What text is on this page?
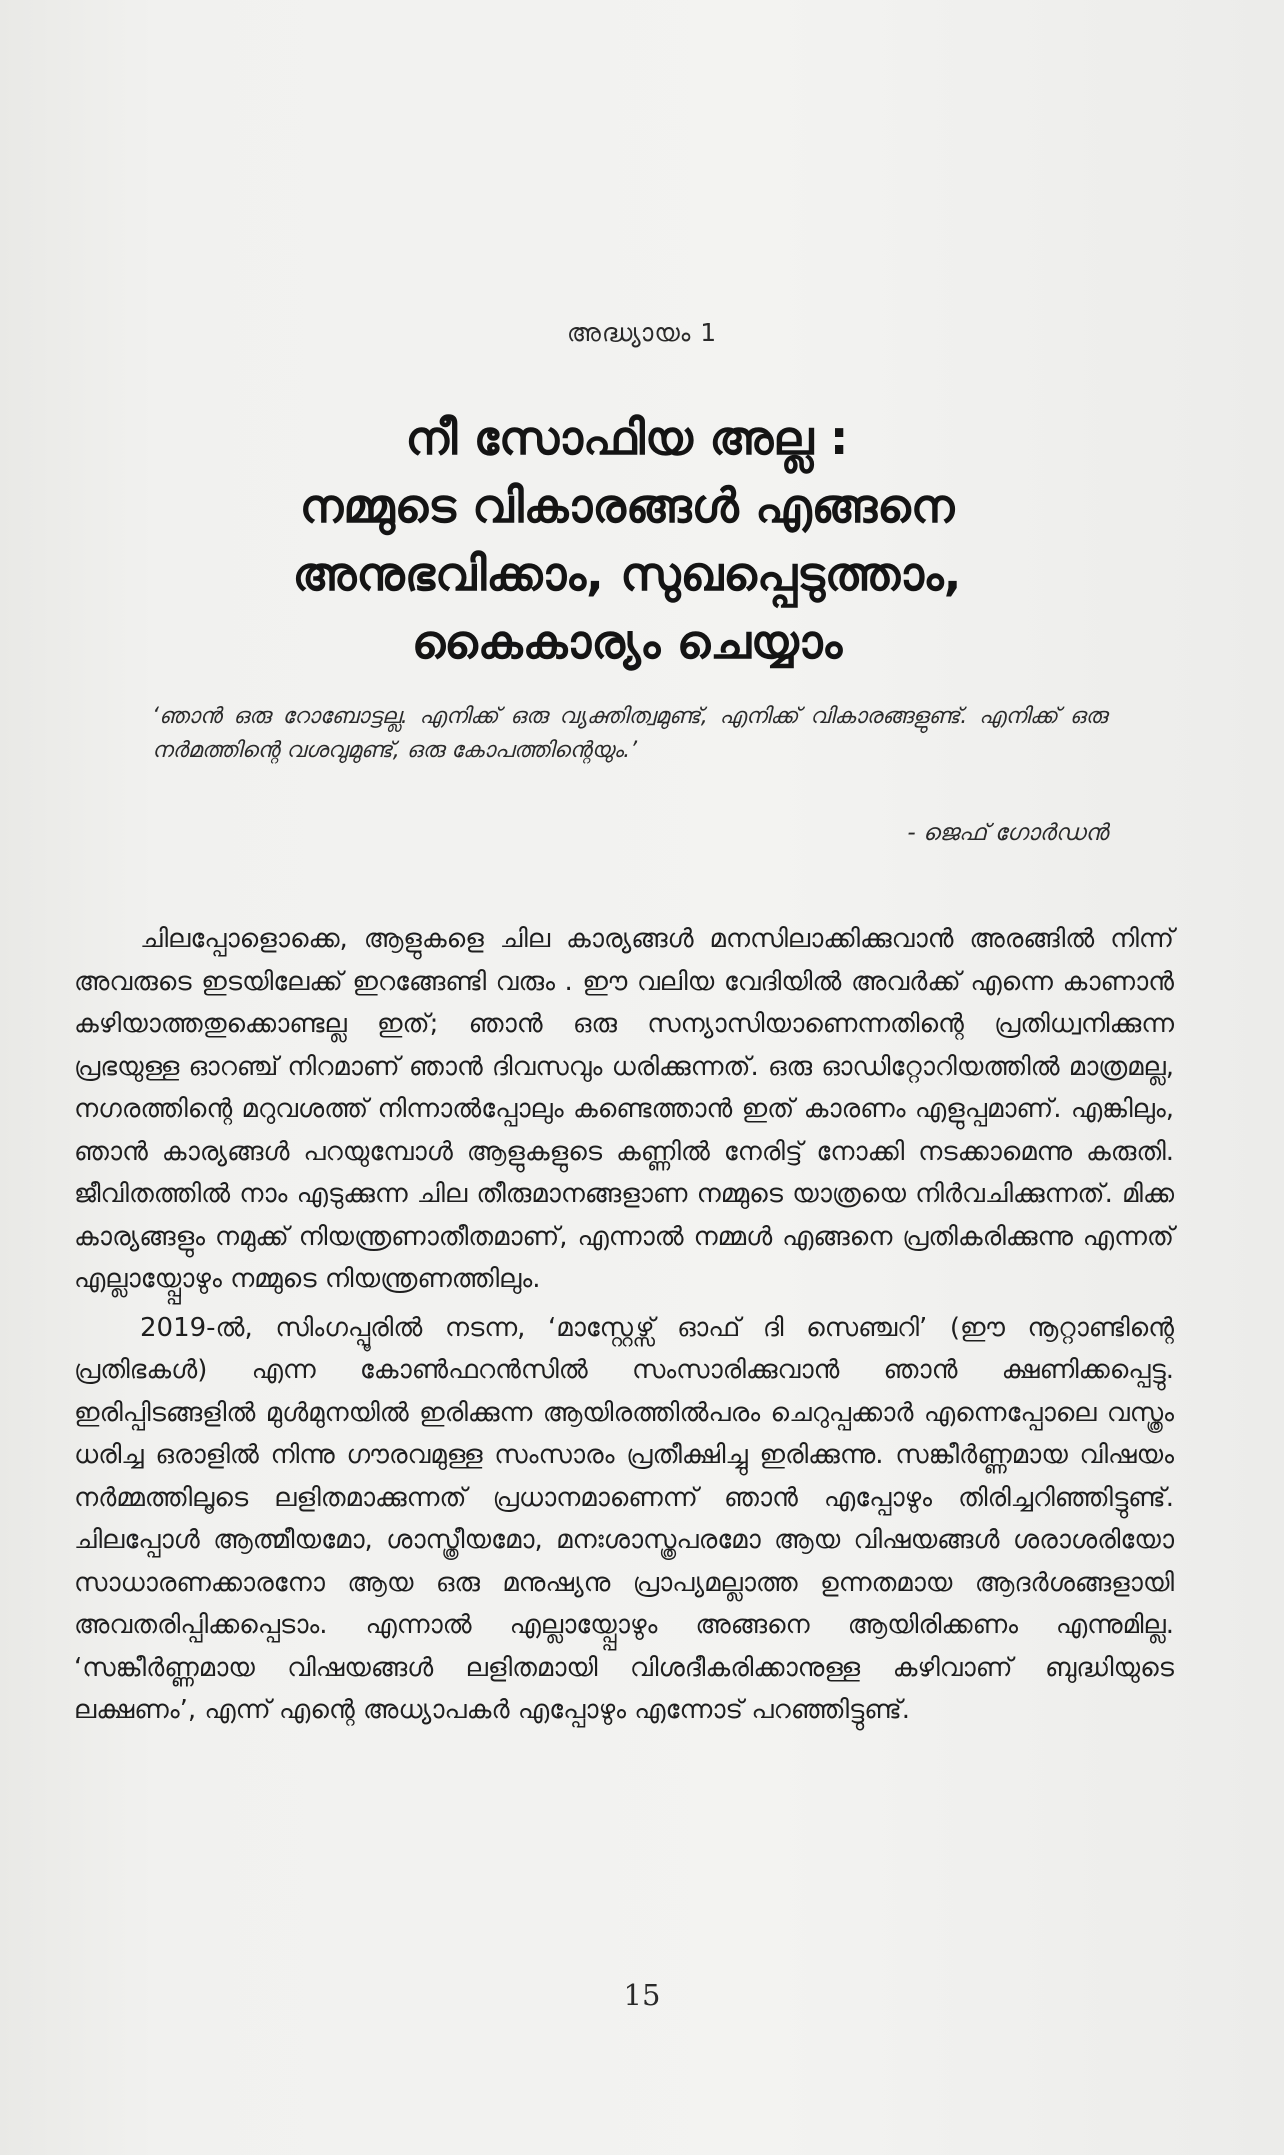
അദ്ധ്യായം 1
നീ സോഫിയ അല്ല :
നമ്മുടെ വികാരങ്ങൾ എങ്ങനെ
അനുഭവിക്കാം, സുഖപ്പെടുത്താം,
കൈകാര്യം ചെയ്യാം
‘ഞാൻ ഒരു റോബോട്ടല്ല. എനിക്ക് ഒരു വ്യക്തിത്വമുണ്ട്, എനിക്ക് വികാരങ്ങളുണ്ട്. എനിക്ക് ഒരു നർമത്തിന്റെ വശവുമുണ്ട്, ഒരു കോപത്തിന്റെയും.’
- ജെഫ് ഗോർഡൻ

ചിലപ്പോളൊക്കെ, ആളുകളെ ചില കാര്യങ്ങൾ മനസിലാക്കിക്കുവാൻ അരങ്ങിൽ നിന്ന് അവരുടെ ഇടയിലേക്ക് ഇറങ്ങേണ്ടി വരും . ഈ വലിയ വേദിയിൽ അവർക്ക് എന്നെ കാണാൻ കഴിയാത്തതുക്കൊണ്ടല്ല ഇത്; ഞാൻ ഒരു സന്യാസിയാണെന്നതിന്റെ പ്രതിധ്വനിക്കുന്ന പ്രഭയുള്ള ഓറഞ്ച് നിറമാണ് ഞാൻ ദിവസവും ധരിക്കുന്നത്. ഒരു ഓഡിറ്റോറിയത്തിൽ മാത്രമല്ല, നഗരത്തിന്റെ മറുവശത്ത് നിന്നാൽപ്പോലും കണ്ടെത്താൻ ഇത് കാരണം എളുപ്പമാണ്. എങ്കിലും, ഞാൻ കാര്യങ്ങൾ പറയുമ്പോൾ ആളുകളുടെ കണ്ണിൽ നേരിട്ട് നോക്കി നടക്കാമെന്നു കരുതി. ജീവിതത്തിൽ നാം എടുക്കുന്ന ചില തീരുമാനങ്ങളാണ നമ്മുടെ യാത്രയെ നിർവചിക്കുന്നത്. മിക്ക കാര്യങ്ങളും നമുക്ക് നിയന്ത്രണാതീതമാണ്, എന്നാൽ നമ്മൾ എങ്ങനെ പ്രതികരിക്കുന്നു എന്നത് എല്ലായ്പ്പോഴും നമ്മുടെ നിയന്ത്രണത്തിലും.

2019-ൽ, സിംഗപ്പൂരിൽ നടന്ന, ‘മാസ്റ്റേഴ്സ് ഓഫ് ദി സെഞ്ചറി’ (ഈ നൂറ്റാണ്ടിന്റെ പ്രതിഭകൾ) എന്ന കോൺഫറൻസിൽ സംസാരിക്കുവാൻ ഞാൻ ക്ഷണിക്കപ്പെട്ടു. ഇരിപ്പിടങ്ങളിൽ മുൾമുനയിൽ ഇരിക്കുന്ന ആയിരത്തിൽപരം ചെറുപ്പക്കാർ എന്നെപ്പോലെ വസ്ത്രം ധരിച്ച ഒരാളിൽ നിന്നു ഗൗരവമുള്ള സംസാരം പ്രതീക്ഷിച്ചു ഇരിക്കുന്നു. സങ്കീർണ്ണമായ വിഷയം നർമ്മത്തിലൂടെ ലളിതമാക്കുന്നത് പ്രധാനമാണെന്ന് ഞാൻ എപ്പോഴും തിരിച്ചറിഞ്ഞിട്ടുണ്ട്. ചിലപ്പോൾ ആത്മീയമോ, ശാസ്ത്രീയമോ, മനഃശാസ്ത്രപരമോ ആയ വിഷയങ്ങൾ ശരാശരിയോ സാധാരണക്കാരനോ ആയ ഒരു മനുഷ്യനു പ്രാപ്യമല്ലാത്ത ഉന്നതമായ ആദർശങ്ങളായി അവതരിപ്പിക്കപ്പെടാം. എന്നാൽ എല്ലായ്പ്പോഴും അങ്ങനെ ആയിരിക്കണം എന്നുമില്ല. ‘സങ്കീർണ്ണമായ വിഷയങ്ങൾ ലളിതമായി വിശദീകരിക്കാനുള്ള കഴിവാണ് ബുദ്ധിയുടെ ലക്ഷണം’, എന്ന് എന്റെ അധ്യാപകർ എപ്പോഴും എന്നോട് പറഞ്ഞിട്ടുണ്ട്.

15
